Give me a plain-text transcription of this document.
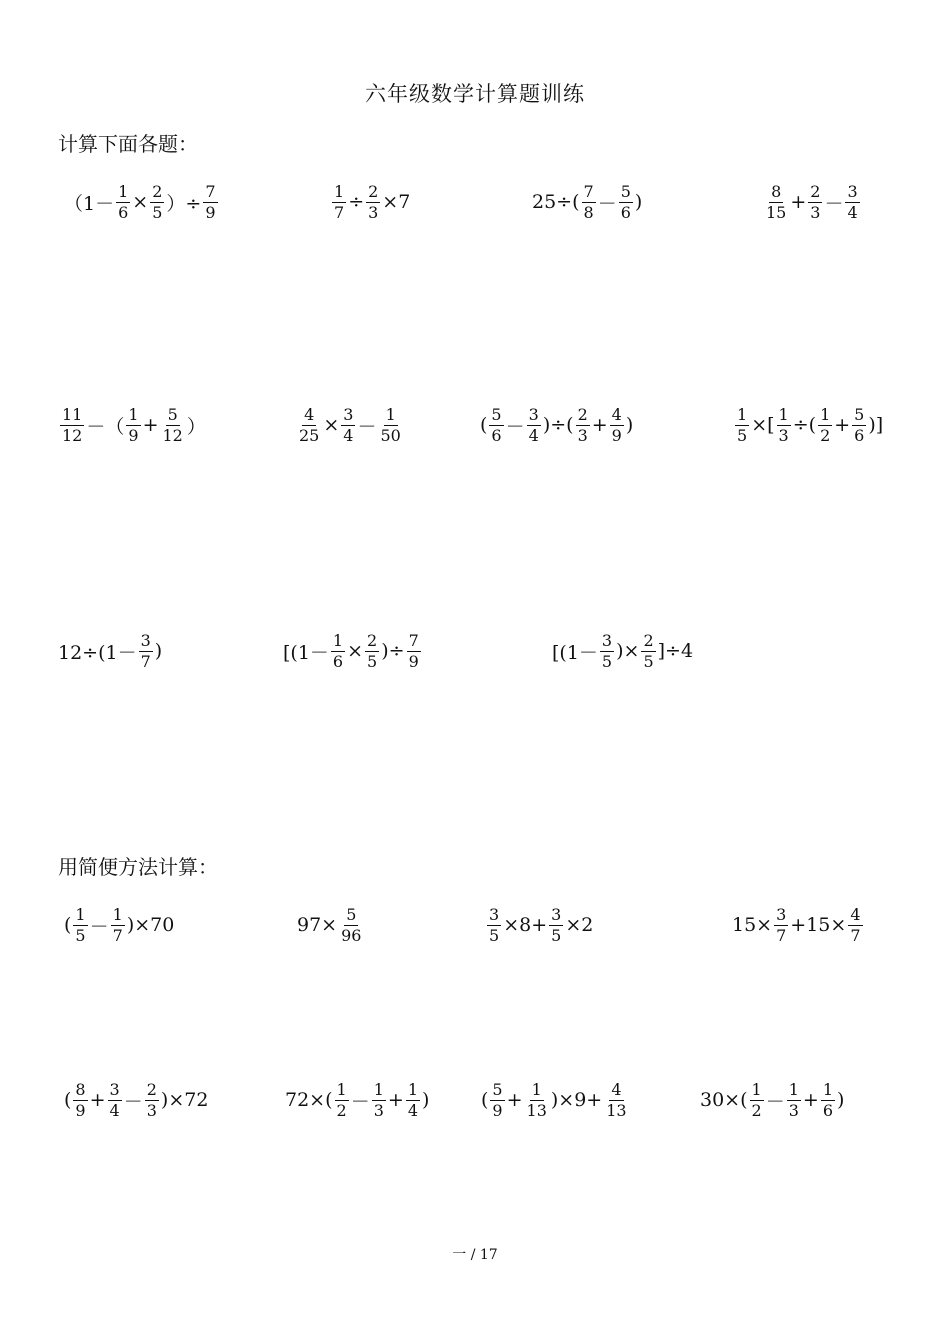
六年级数学计算题训练
计算下面各题：
用简便方法计算：
（$1- \frac{1}{6} \times \frac{2}{5}$ ）÷ $\frac{7}{9}$	$\frac{1}{7} \div \frac{2}{3} \times 7$	$25\div( \frac{7}{8} - \frac{5}{6}$ )	$\frac{8}{15} + \frac{2}{3} - \frac{3}{4}$
$\frac{11}{12}$ －（ $\frac{1}{9} + \frac{5}{12}$ ）	$\frac{4}{25} \times \frac{3}{4} - \frac{1}{50}$	( $\frac{5}{6} - \frac{3}{4}$ )÷( $\frac{2}{3} + \frac{4}{9}$ )	$\frac{1}{5}$ ×[ $\frac{1}{3}$ ÷( $\frac{1}{2} + \frac{5}{6}$ )]
$12\div(1- \frac{3}{7}$ )	[($1- \frac{1}{6} \times \frac{2}{5}$ )÷ $\frac{7}{9}$	[($1- \frac{3}{5}$ )× $\frac{2}{5} ]\div 4$
( $\frac{1}{5} - \frac{1}{7} )\times 70$	$97\times \frac{5}{96}$	$\frac{3}{5} \times 8+ \frac{3}{5} \times 2$	$15\times \frac{3}{7} +15\times \frac{4}{7}$
( $\frac{8}{9} + \frac{3}{4} - \frac{2}{3} )\times 72$	$72\times( \frac{1}{2} - \frac{1}{3} + \frac{1}{4}$ )	( $\frac{5}{9} + \frac{1}{13} )\times 9+ \frac{4}{13}$	$30\times( \frac{1}{2} - \frac{1}{3} + \frac{1}{6}$ )
一 / 17
